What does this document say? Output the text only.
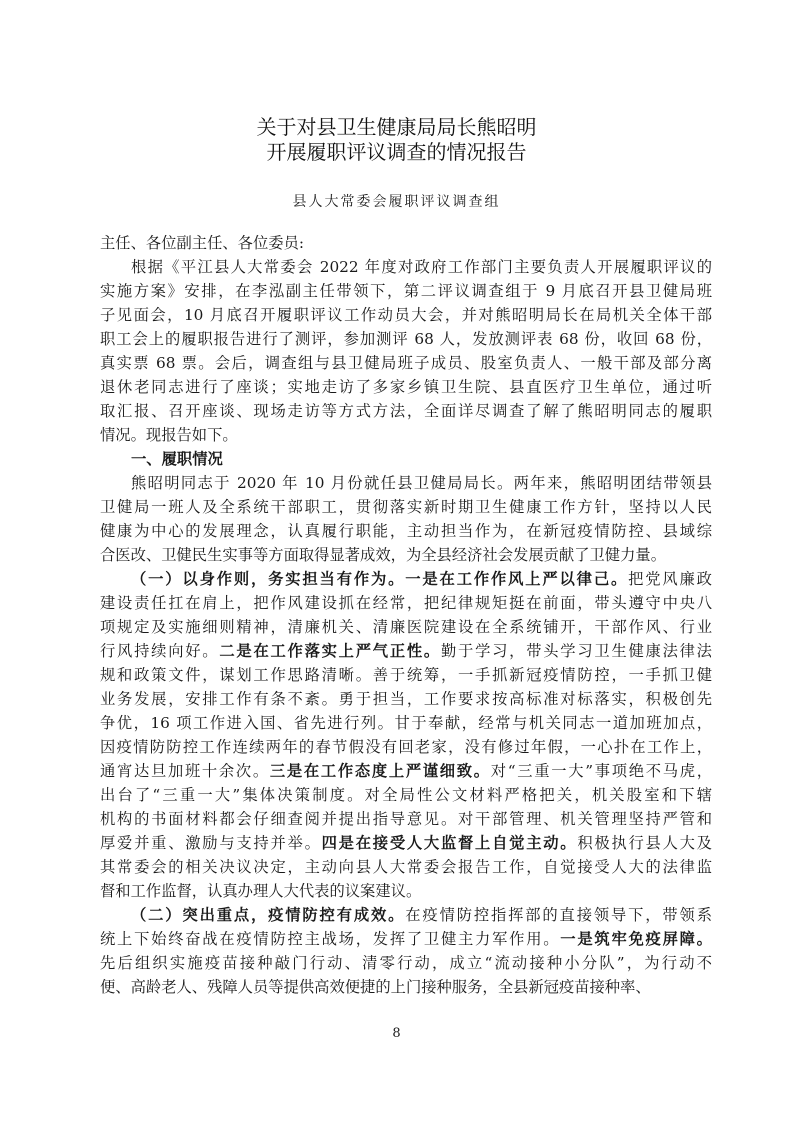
关于对县卫生健康局局长熊昭明
开展履职评议调查的情况报告
县人大常委会履职评议调查组
主任、各位副主任、各位委员:
根据《平江县人大常委会 2022 年度对政府工作部门主要负责人开展履职评议的
实施方案》安排，在李泓副主任带领下，第二评议调查组于 9 月底召开县卫健局班
子见面会，10 月底召开履职评议工作动员大会，并对熊昭明局长在局机关全体干部
职工会上的履职报告进行了测评，参加测评 68 人，发放测评表 68 份，收回 68 份，
真实票 68 票。会后，调查组与县卫健局班子成员、股室负责人、一般干部及部分离
退休老同志进行了座谈；实地走访了多家乡镇卫生院、县直医疗卫生单位，通过听
取汇报、召开座谈、现场走访等方式方法，全面详尽调查了解了熊昭明同志的履职
情况。现报告如下。
一、履职情况
熊昭明同志于 2020 年 10 月份就任县卫健局局长。两年来，熊昭明团结带领县
卫健局一班人及全系统干部职工，贯彻落实新时期卫生健康工作方针，坚持以人民
健康为中心的发展理念，认真履行职能，主动担当作为，在新冠疫情防控、县域综
合医改、卫健民生实事等方面取得显著成效，为全县经济社会发展贡献了卫健力量。
（一）以身作则，务实担当有作为。一是在工作作风上严以律己。把党风廉政
建设责任扛在肩上，把作风建设抓在经常，把纪律规矩挺在前面，带头遵守中央八
项规定及实施细则精神，清廉机关、清廉医院建设在全系统铺开，干部作风、行业
行风持续向好。二是在工作落实上严气正性。勤于学习，带头学习卫生健康法律法
规和政策文件，谋划工作思路清晰。善于统筹，一手抓新冠疫情防控，一手抓卫健
业务发展，安排工作有条不紊。勇于担当，工作要求按高标准对标落实，积极创先
争优，16 项工作进入国、省先进行列。甘于奉献，经常与机关同志一道加班加点，
因疫情防防控工作连续两年的春节假没有回老家，没有修过年假，一心扑在工作上，
通宵达旦加班十余次。三是在工作态度上严谨细致。对“三重一大”事项绝不马虎，
出台了“三重一大”集体决策制度。对全局性公文材料严格把关，机关股室和下辖
机构的书面材料都会仔细查阅并提出指导意见。对干部管理、机关管理坚持严管和
厚爱并重、激励与支持并举。四是在接受人大监督上自觉主动。积极执行县人大及
其常委会的相关决议决定，主动向县人大常委会报告工作，自觉接受人大的法律监
督和工作监督，认真办理人大代表的议案建议。
（二）突出重点，疫情防控有成效。在疫情防控指挥部的直接领导下，带领系
统上下始终奋战在疫情防控主战场，发挥了卫健主力军作用。一是筑牢免疫屏障。
先后组织实施疫苗接种敲门行动、清零行动，成立“流动接种小分队”，为行动不
便、高龄老人、残障人员等提供高效便捷的上门接种服务，全县新冠疫苗接种率、
8
